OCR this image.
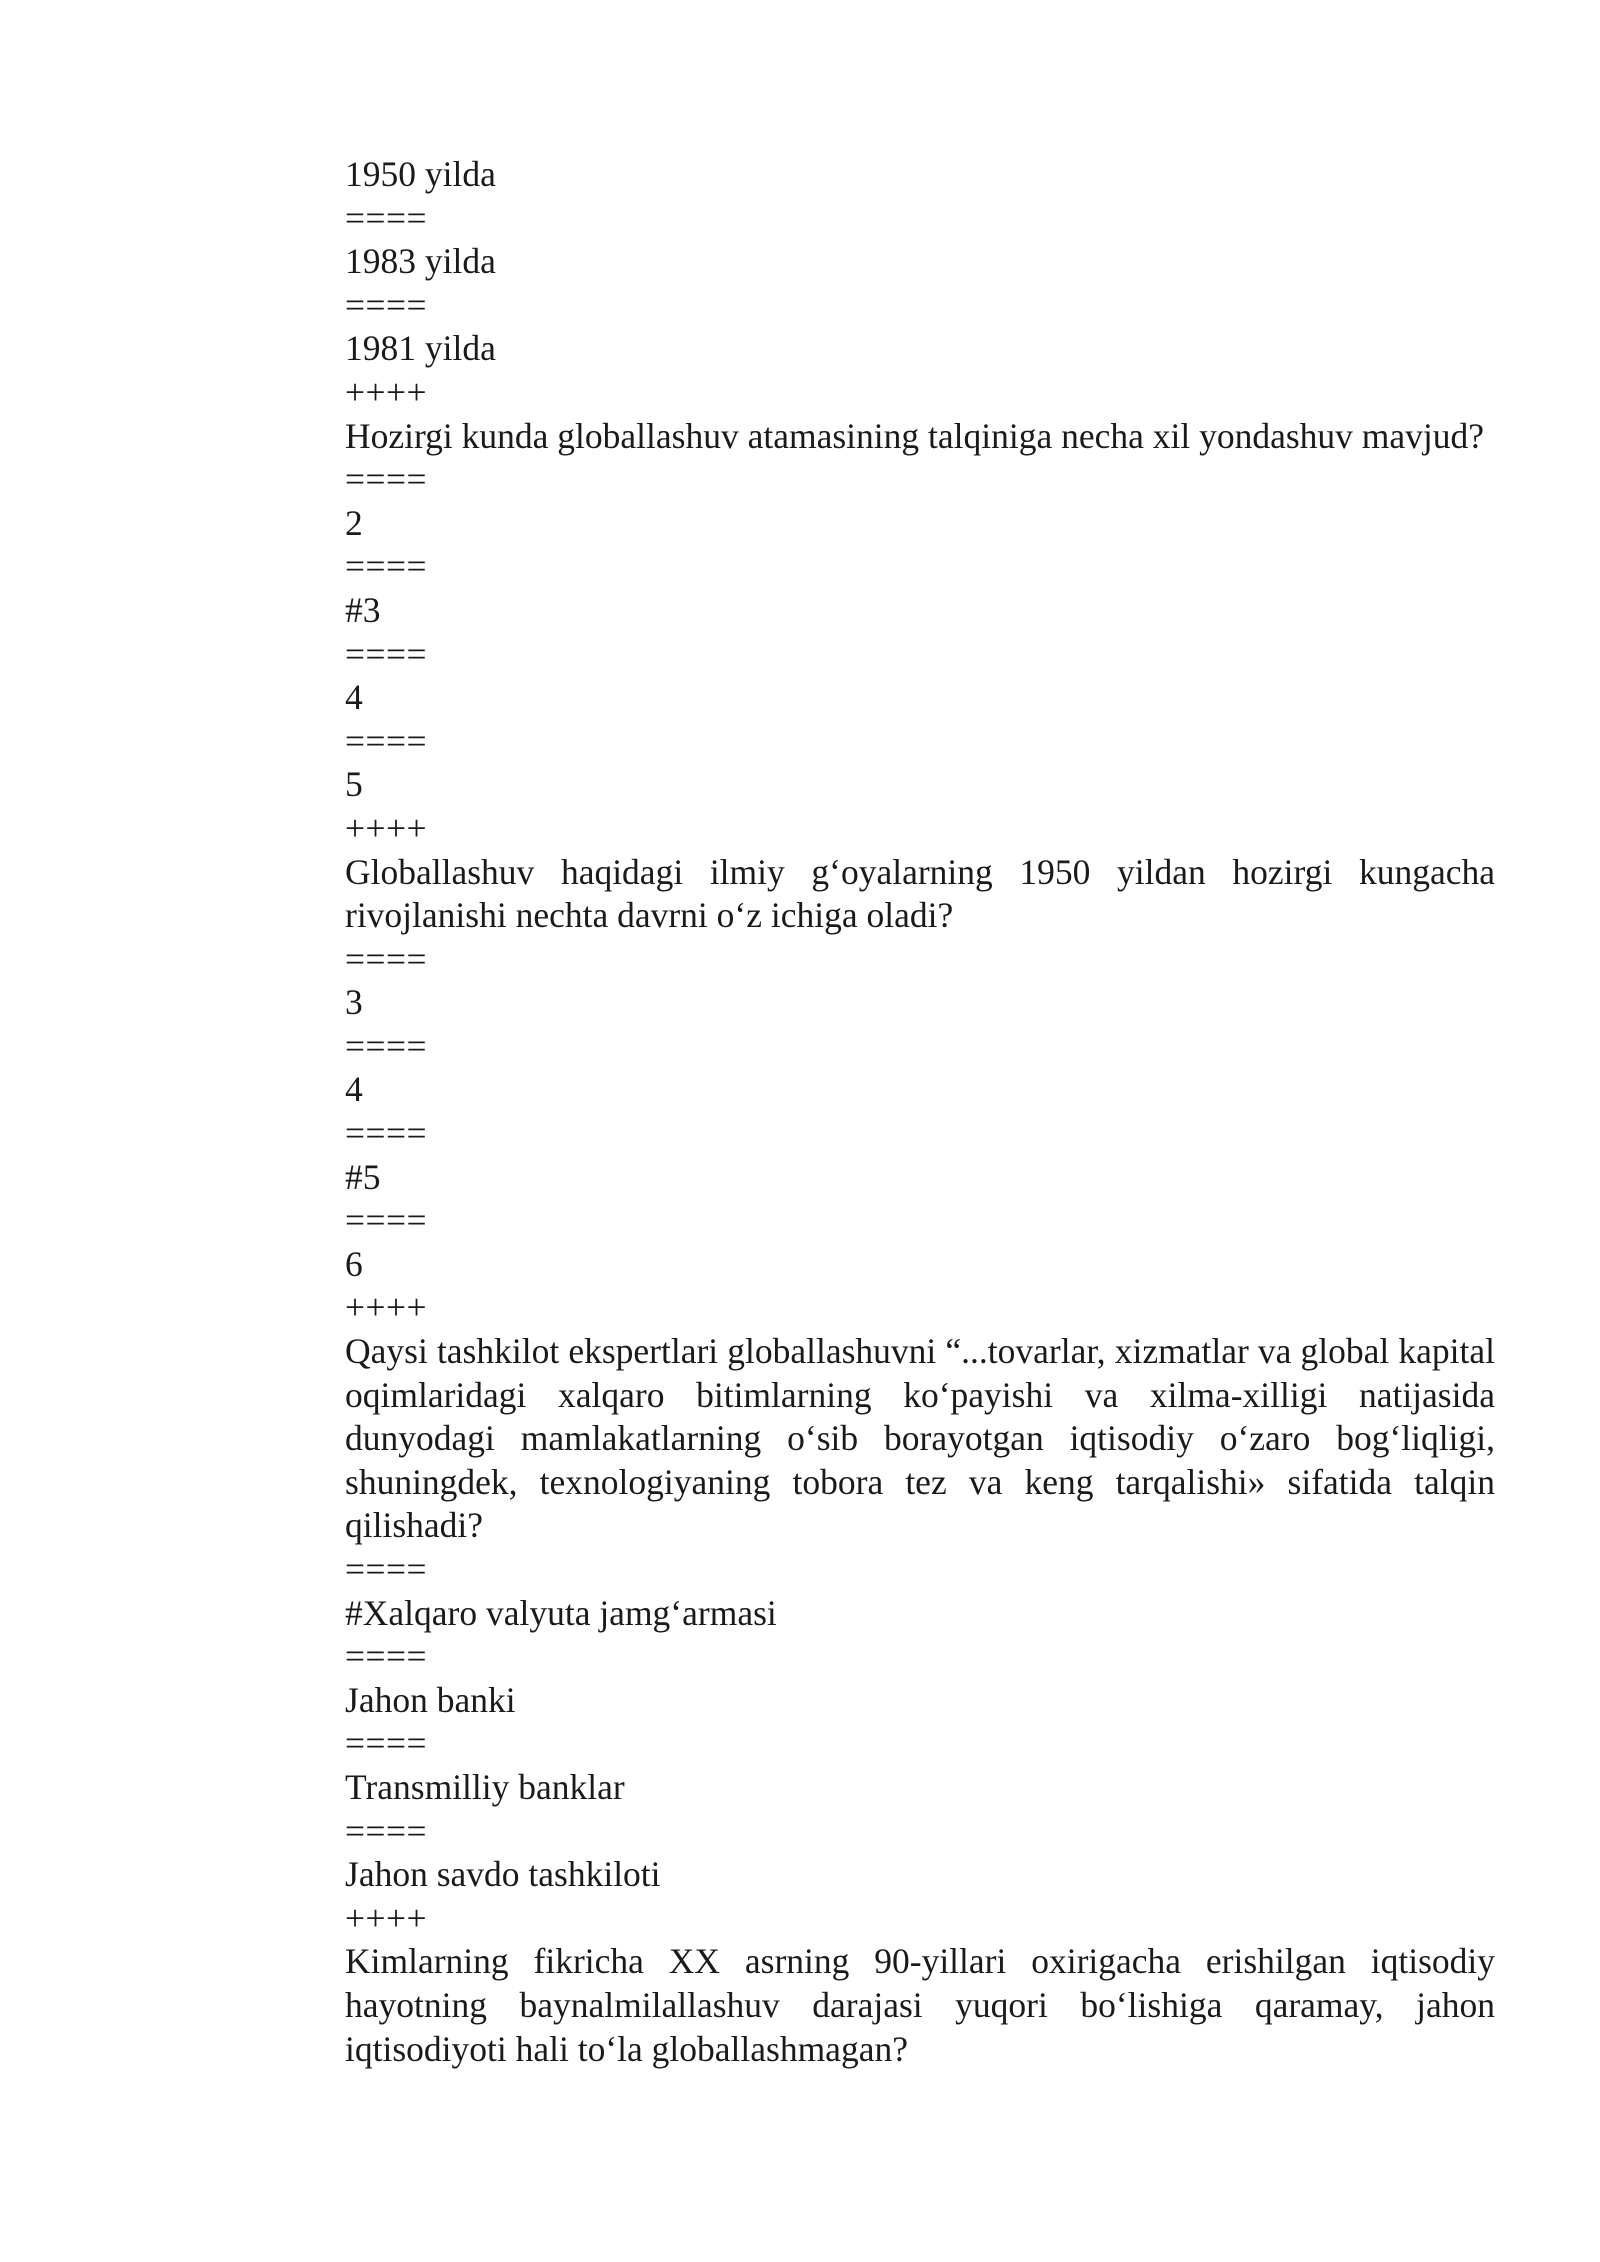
1950 yilda
====
1983 yilda
====
1981 yilda
++++
Hozirgi kunda globallashuv atamasining talqiniga necha xil yondashuv mavjud?
====
2
====
#3
====
4
====
5
++++
Globallashuv haqidagi ilmiy g‘oyalarning 1950 yildan hozirgi kungacha rivojlanishi nechta davrni o‘z ichiga oladi?
====
3
====
4
====
#5
====
6
++++
Qaysi tashkilot ekspertlari globallashuvni “...tovarlar, xizmatlar va global kapital oqimlaridagi xalqaro bitimlarning ko‘payishi va xilma-xilligi natijasida dunyodagi mamlakatlarning o‘sib borayotgan iqtisodiy o‘zaro bog‘liqligi, shuningdek, texnologiyaning tobora tez va keng tarqalishi» sifatida talqin qilishadi?
====
#Xalqaro valyuta jamg‘armasi
====
Jahon banki
====
Transmilliy banklar
====
Jahon savdo tashkiloti
++++
Kimlarning fikricha XX asrning 90-yillari oxirigacha erishilgan iqtisodiy hayotning baynalmilallashuv darajasi yuqori bo‘lishiga qaramay, jahon iqtisodiyoti hali to‘la globallashmagan?
